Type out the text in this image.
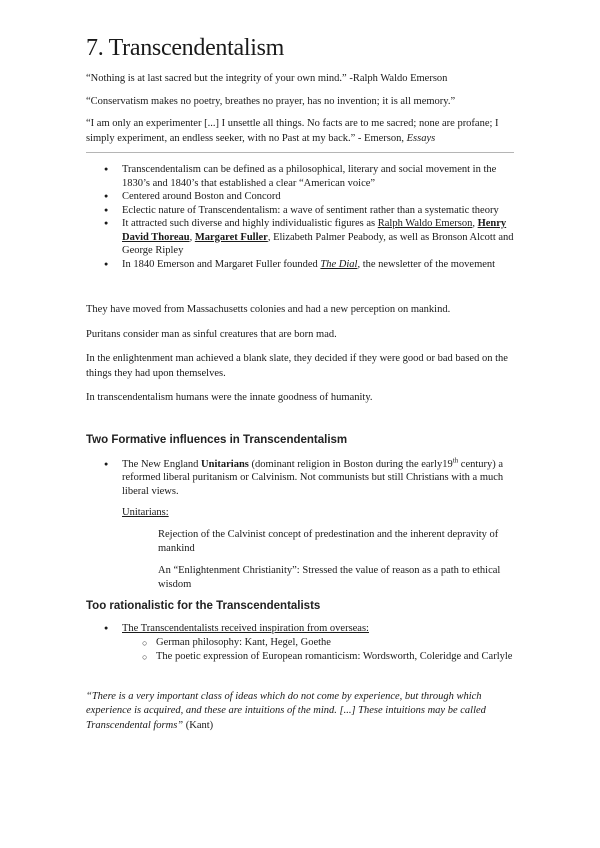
7. Transcendentalism

“Nothing is at last sacred but the integrity of your own mind.” -Ralph Waldo Emerson

“Conservatism makes no poetry, breathes no prayer, has no invention; it is all memory.”

“I am only an experimenter [...] I unsettle all things. No facts are to me sacred; none are profane; I simply experiment, an endless seeker, with no Past at my back.” - Emerson, Essays

● Transcendentalism can be defined as a philosophical, literary and social movement in the 1830’s and 1840’s that established a clear “American voice”
● Centered around Boston and Concord
● Eclectic nature of Transcendentalism: a wave of sentiment rather than a systematic theory
● It attracted such diverse and highly individualistic figures as Ralph Waldo Emerson, Henry David Thoreau, Margaret Fuller, Elizabeth Palmer Peabody, as well as Bronson Alcott and George Ripley
● In 1840 Emerson and Margaret Fuller founded The Dial, the newsletter of the movement

They have moved from Massachusetts colonies and had a new perception on mankind.

Puritans consider man as sinful creatures that are born mad.

In the enlightenment man achieved a blank slate, they decided if they were good or bad based on the things they had upon themselves.

In transcendentalism humans were the innate goodness of humanity.

Two Formative influences in Transcendentalism
● The New England Unitarians (dominant religion in Boston during the early19th century) a reformed liberal puritanism or Calvinism. Not communists but still Christians with a much liberal views.

Unitarians:

Rejection of the Calvinist concept of predestination and the inherent depravity of mankind

An “Enlightenment Christianity”: Stressed the value of reason as a path to ethical wisdom

Too rationalistic for the Transcendentalists
● The Transcendentalists received inspiration from overseas:
○ German philosophy: Kant, Hegel, Goethe
○ The poetic expression of European romanticism: Wordsworth, Coleridge and Carlyle

“There is a very important class of ideas which do not come by experience, but through which experience is acquired, and these are intuitions of the mind. [...] These intuitions may be called Transcendental forms” (Kant)
